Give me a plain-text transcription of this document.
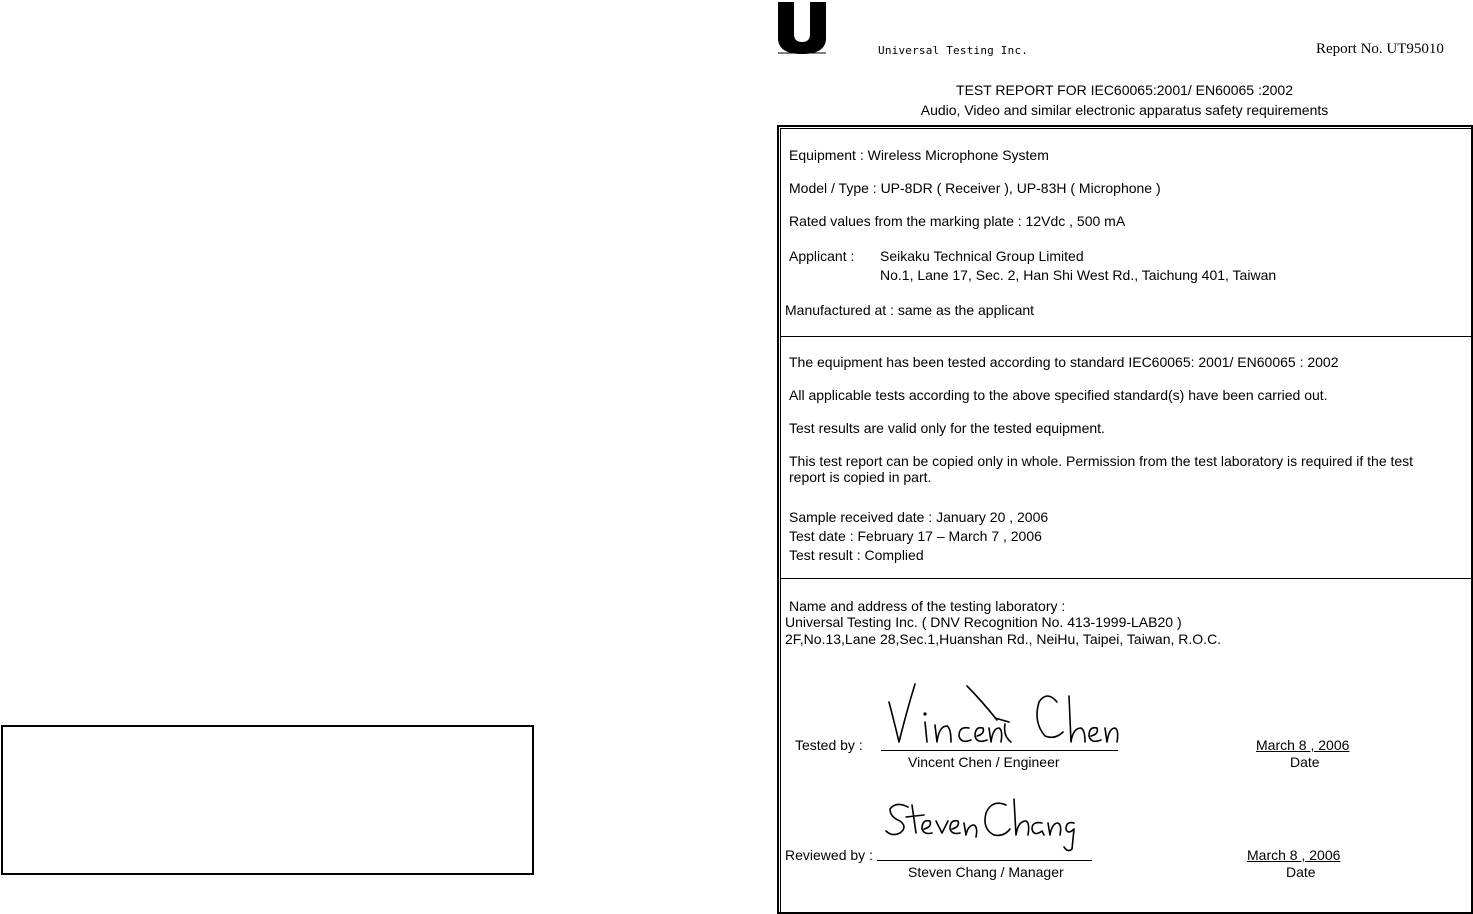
Universal Testing Inc.	Report No. UT95010
TEST REPORT FOR IEC60065:2001/ EN60065 :2002
Audio, Video and similar electronic apparatus safety requirements
Equipment : Wireless Microphone System
Model / Type : UP-8DR ( Receiver ), UP-83H ( Microphone )
Rated values from the marking plate : 12Vdc , 500 mA
Applicant : Seikaku Technical Group Limited
No.1, Lane 17, Sec. 2, Han Shi West Rd., Taichung 401, Taiwan
Manufactured at : same as the applicant
The equipment has been tested according to standard IEC60065: 2001/ EN60065 : 2002
All applicable tests according to the above specified standard(s) have been carried out.
Test results are valid only for the tested equipment.
This test report can be copied only in whole. Permission from the test laboratory is required if the test
report is copied in part.
Sample received date : January 20 , 2006
Test date : February 17 – March 7 , 2006
Test result : Complied
Name and address of the testing laboratory :
Universal Testing Inc. ( DNV Recognition No. 413-1999-LAB20 )
2F,No.13,Lane 28,Sec.1,Huanshan Rd., NeiHu, Taipei, Taiwan, R.O.C.
Tested by :
Vincent Chen / Engineer
March 8 , 2006
Date
Reviewed by :
Steven Chang / Manager
March 8 , 2006
Date
